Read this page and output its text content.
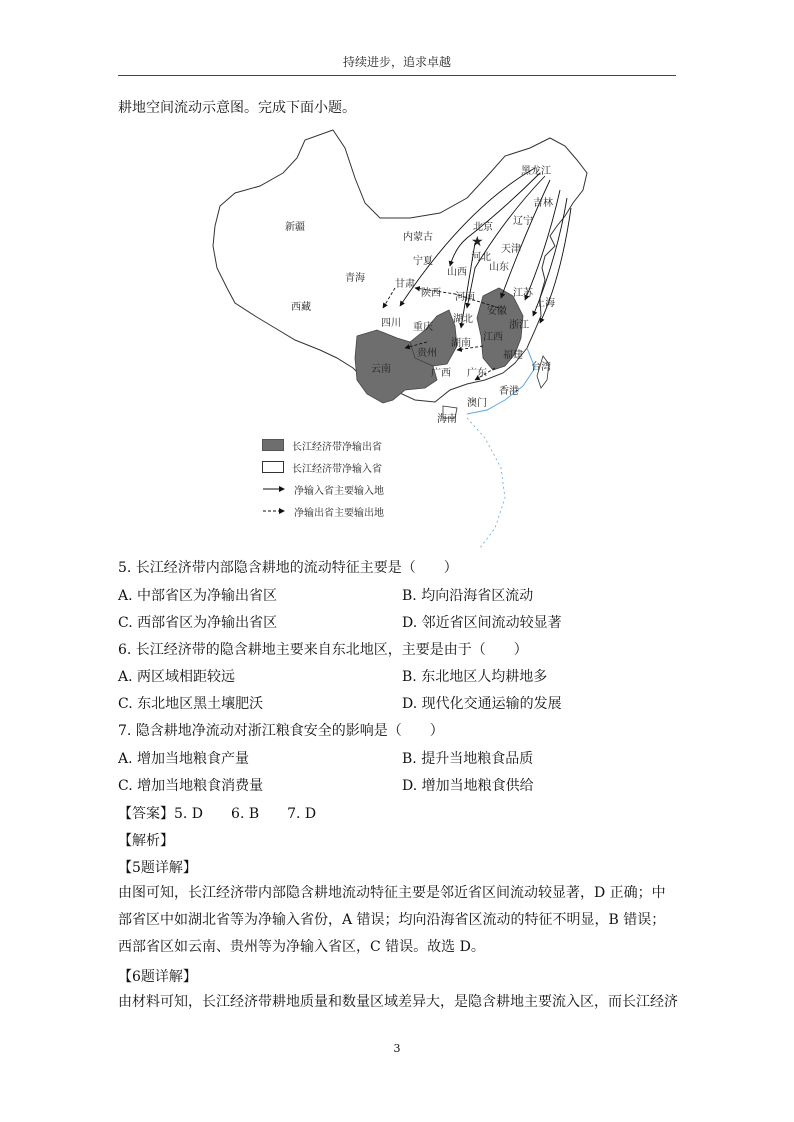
持续进步，追求卓越
耕地空间流动示意图。完成下面小题。
★
黑龙江
吉林
辽宁
新疆
内蒙古
北京
天津
河北
山西 山东
宁夏
青海
甘肃
陕西 河南	江苏
安徽
上海
西藏
四川 重庆
湖北
浙江
江西
湖南
贵州	福建
台湾
云南	广西 广东
香港
澳门
海南
长江经济带净输出省
长江经济带净输入省
净输入省主要输入地
净输出省主要输出地
5. 长江经济带内部隐含耕地的流动特征主要是（　　）
A. 中部省区为净输出省区	B. 均向沿海省区流动
C. 西部省区为净输出省区	D. 邻近省区间流动较显著
6. 长江经济带的隐含耕地主要来自东北地区，主要是由于（　　）
A. 两区域相距较远	B. 东北地区人均耕地多
C. 东北地区黑土壤肥沃	D. 现代化交通运输的发展
7. 隐含耕地净流动对浙江粮食安全的影响是（　　）
A. 增加当地粮食产量	B. 提升当地粮食品质
C. 增加当地粮食消费量	D. 增加当地粮食供给
【答案】5. D　　6. B　　7. D
【解析】
【5题详解】
由图可知，长江经济带内部隐含耕地流动特征主要是邻近省区间流动较显著，D 正确；中部省区中如湖北省等为净输入省份，A 错误；均向沿海省区流动的特征不明显，B 错误；西部省区如云南、贵州等为净输入省区，C 错误。故选 D。
【6题详解】
由材料可知，长江经济带耕地质量和数量区域差异大，是隐含耕地主要流入区，而长江经济
3
